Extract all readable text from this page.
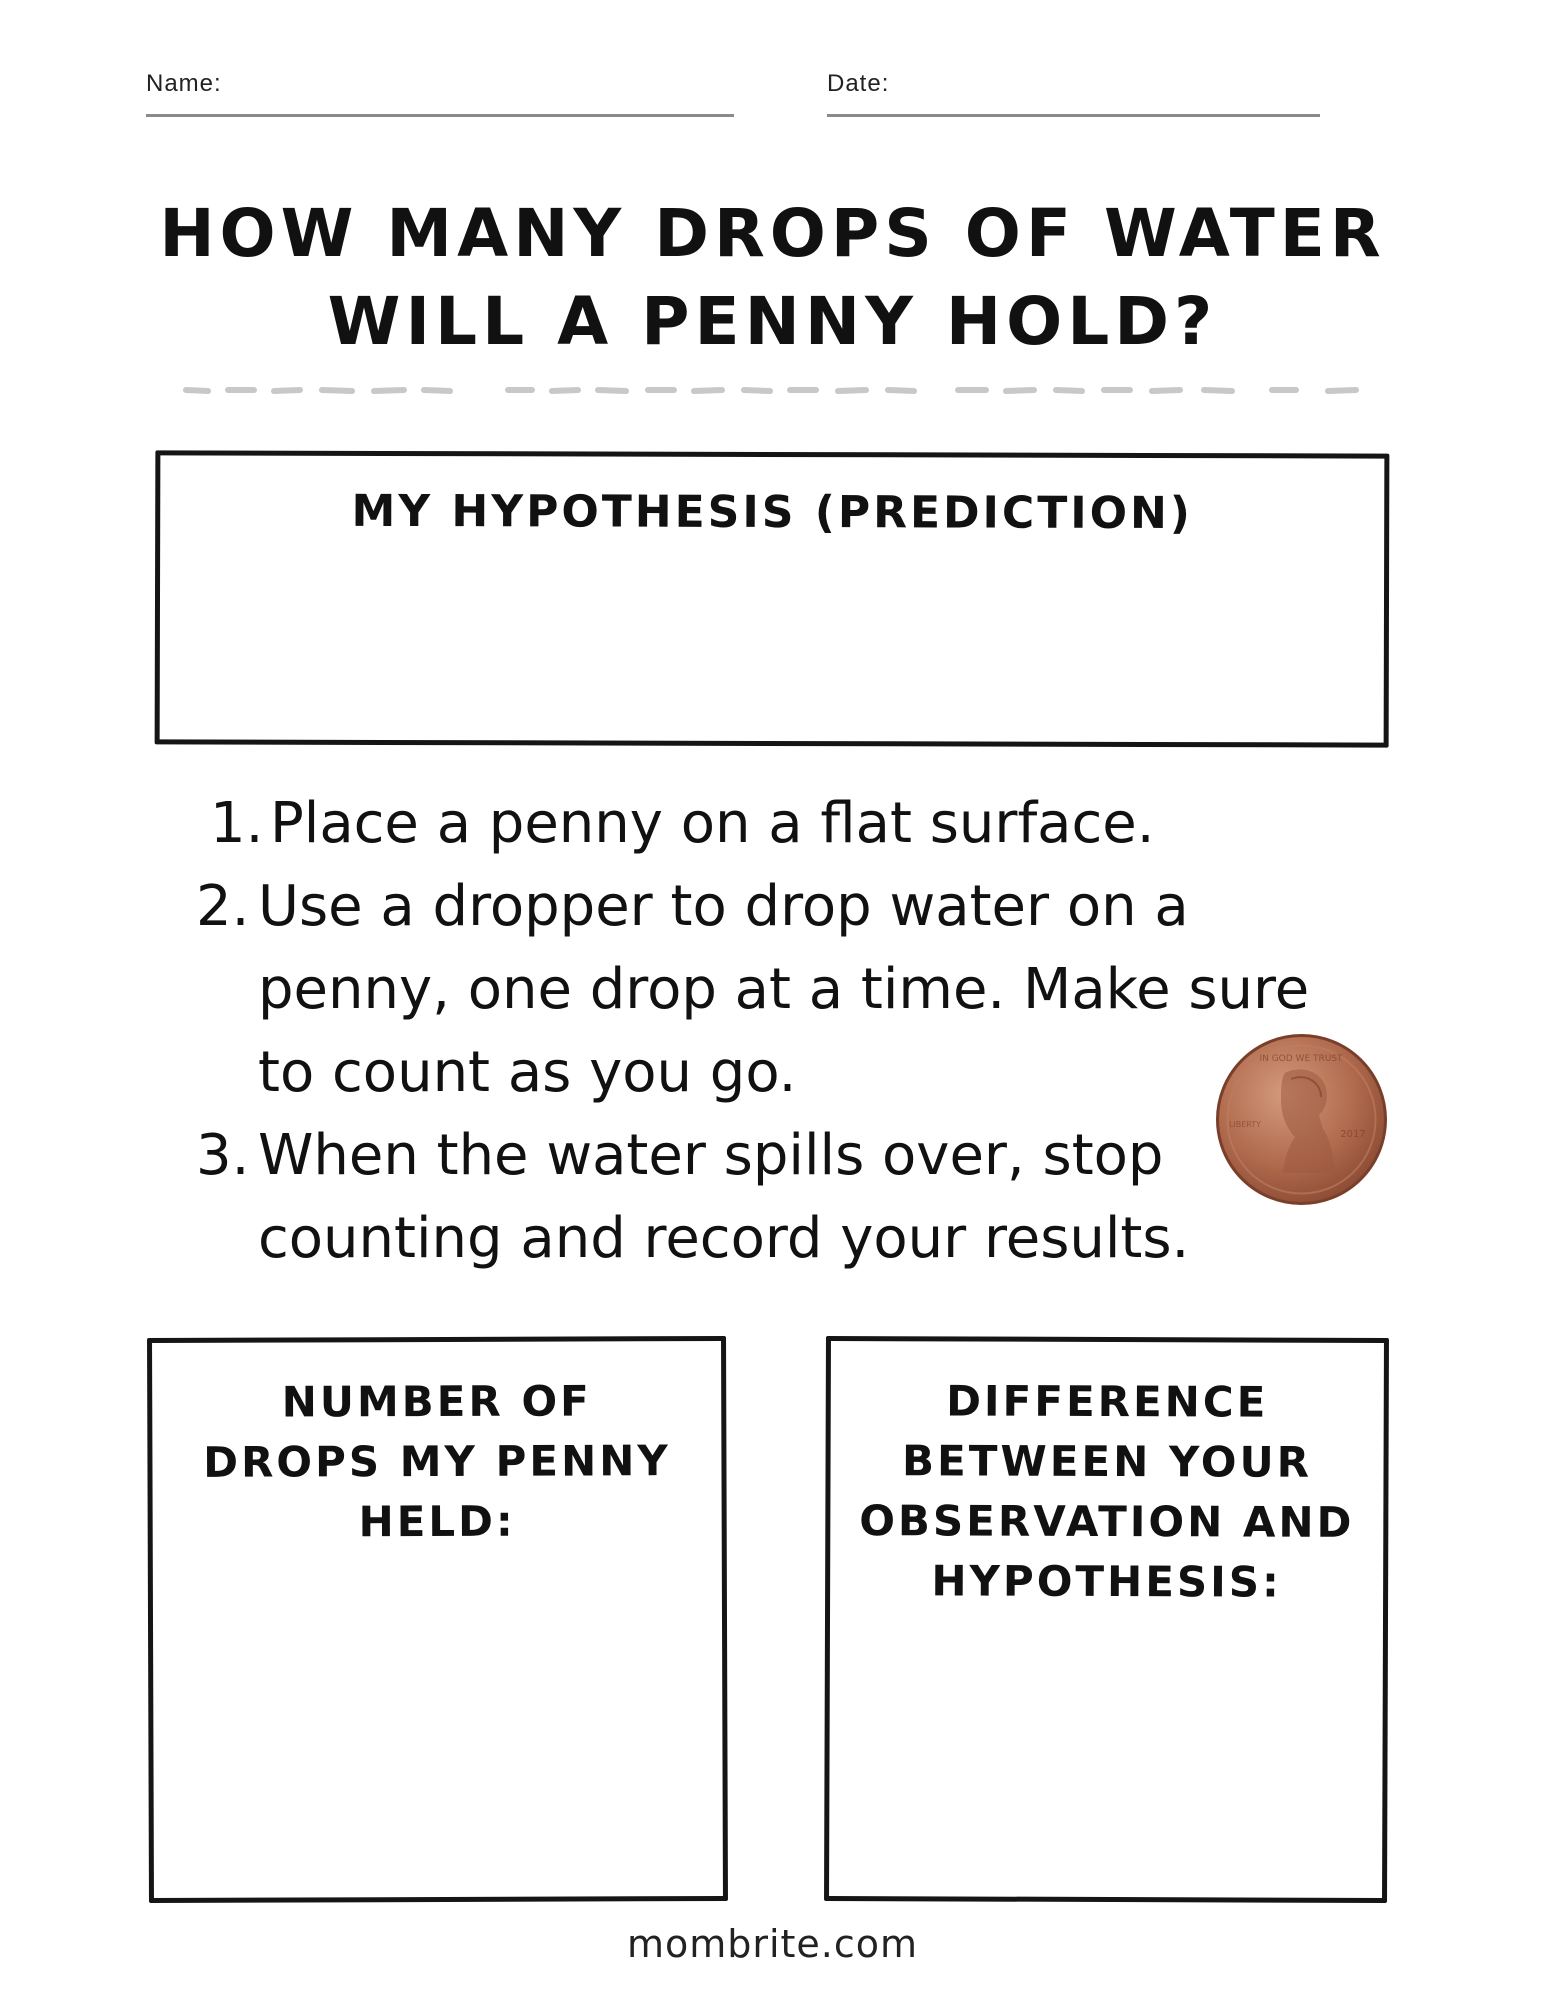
Name:	Date:
HOW MANY DROPS OF WATER
WILL A PENNY HOLD?
MY HYPOTHESIS (PREDICTION)
1. Place a penny on a flat surface.
2. Use a dropper to drop water on a
penny, one drop at a time. Make sure
to count as you go.
3. When the water spills over, stop
counting and record your results.
IN GOD WE TRUST
2017
LIBERTY
NUMBER OF
DROPS MY PENNY
HELD:
DIFFERENCE
BETWEEN YOUR
OBSERVATION AND
HYPOTHESIS:
mombrite.com
